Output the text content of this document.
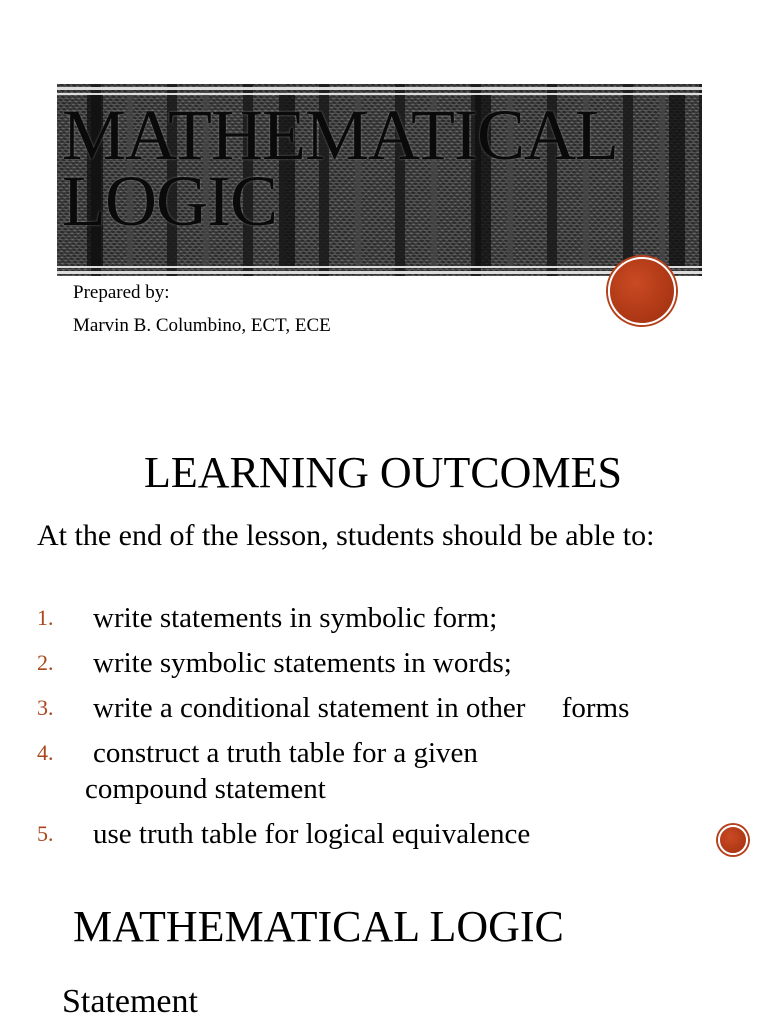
MATHEMATICAL
LOGIC

Prepared by:

Marvin B. Columbino, ECT, ECE

LEARNING OUTCOMES

At the end of the lesson, students should be able to:

1.	write statements in symbolic form;
2.	write symbolic statements in words;
3.	write a conditional statement in other forms
4.	construct a truth table for a given
compound statement
5.	use truth table for logical equivalence
MATHEMATICAL LOGIC

Statement
